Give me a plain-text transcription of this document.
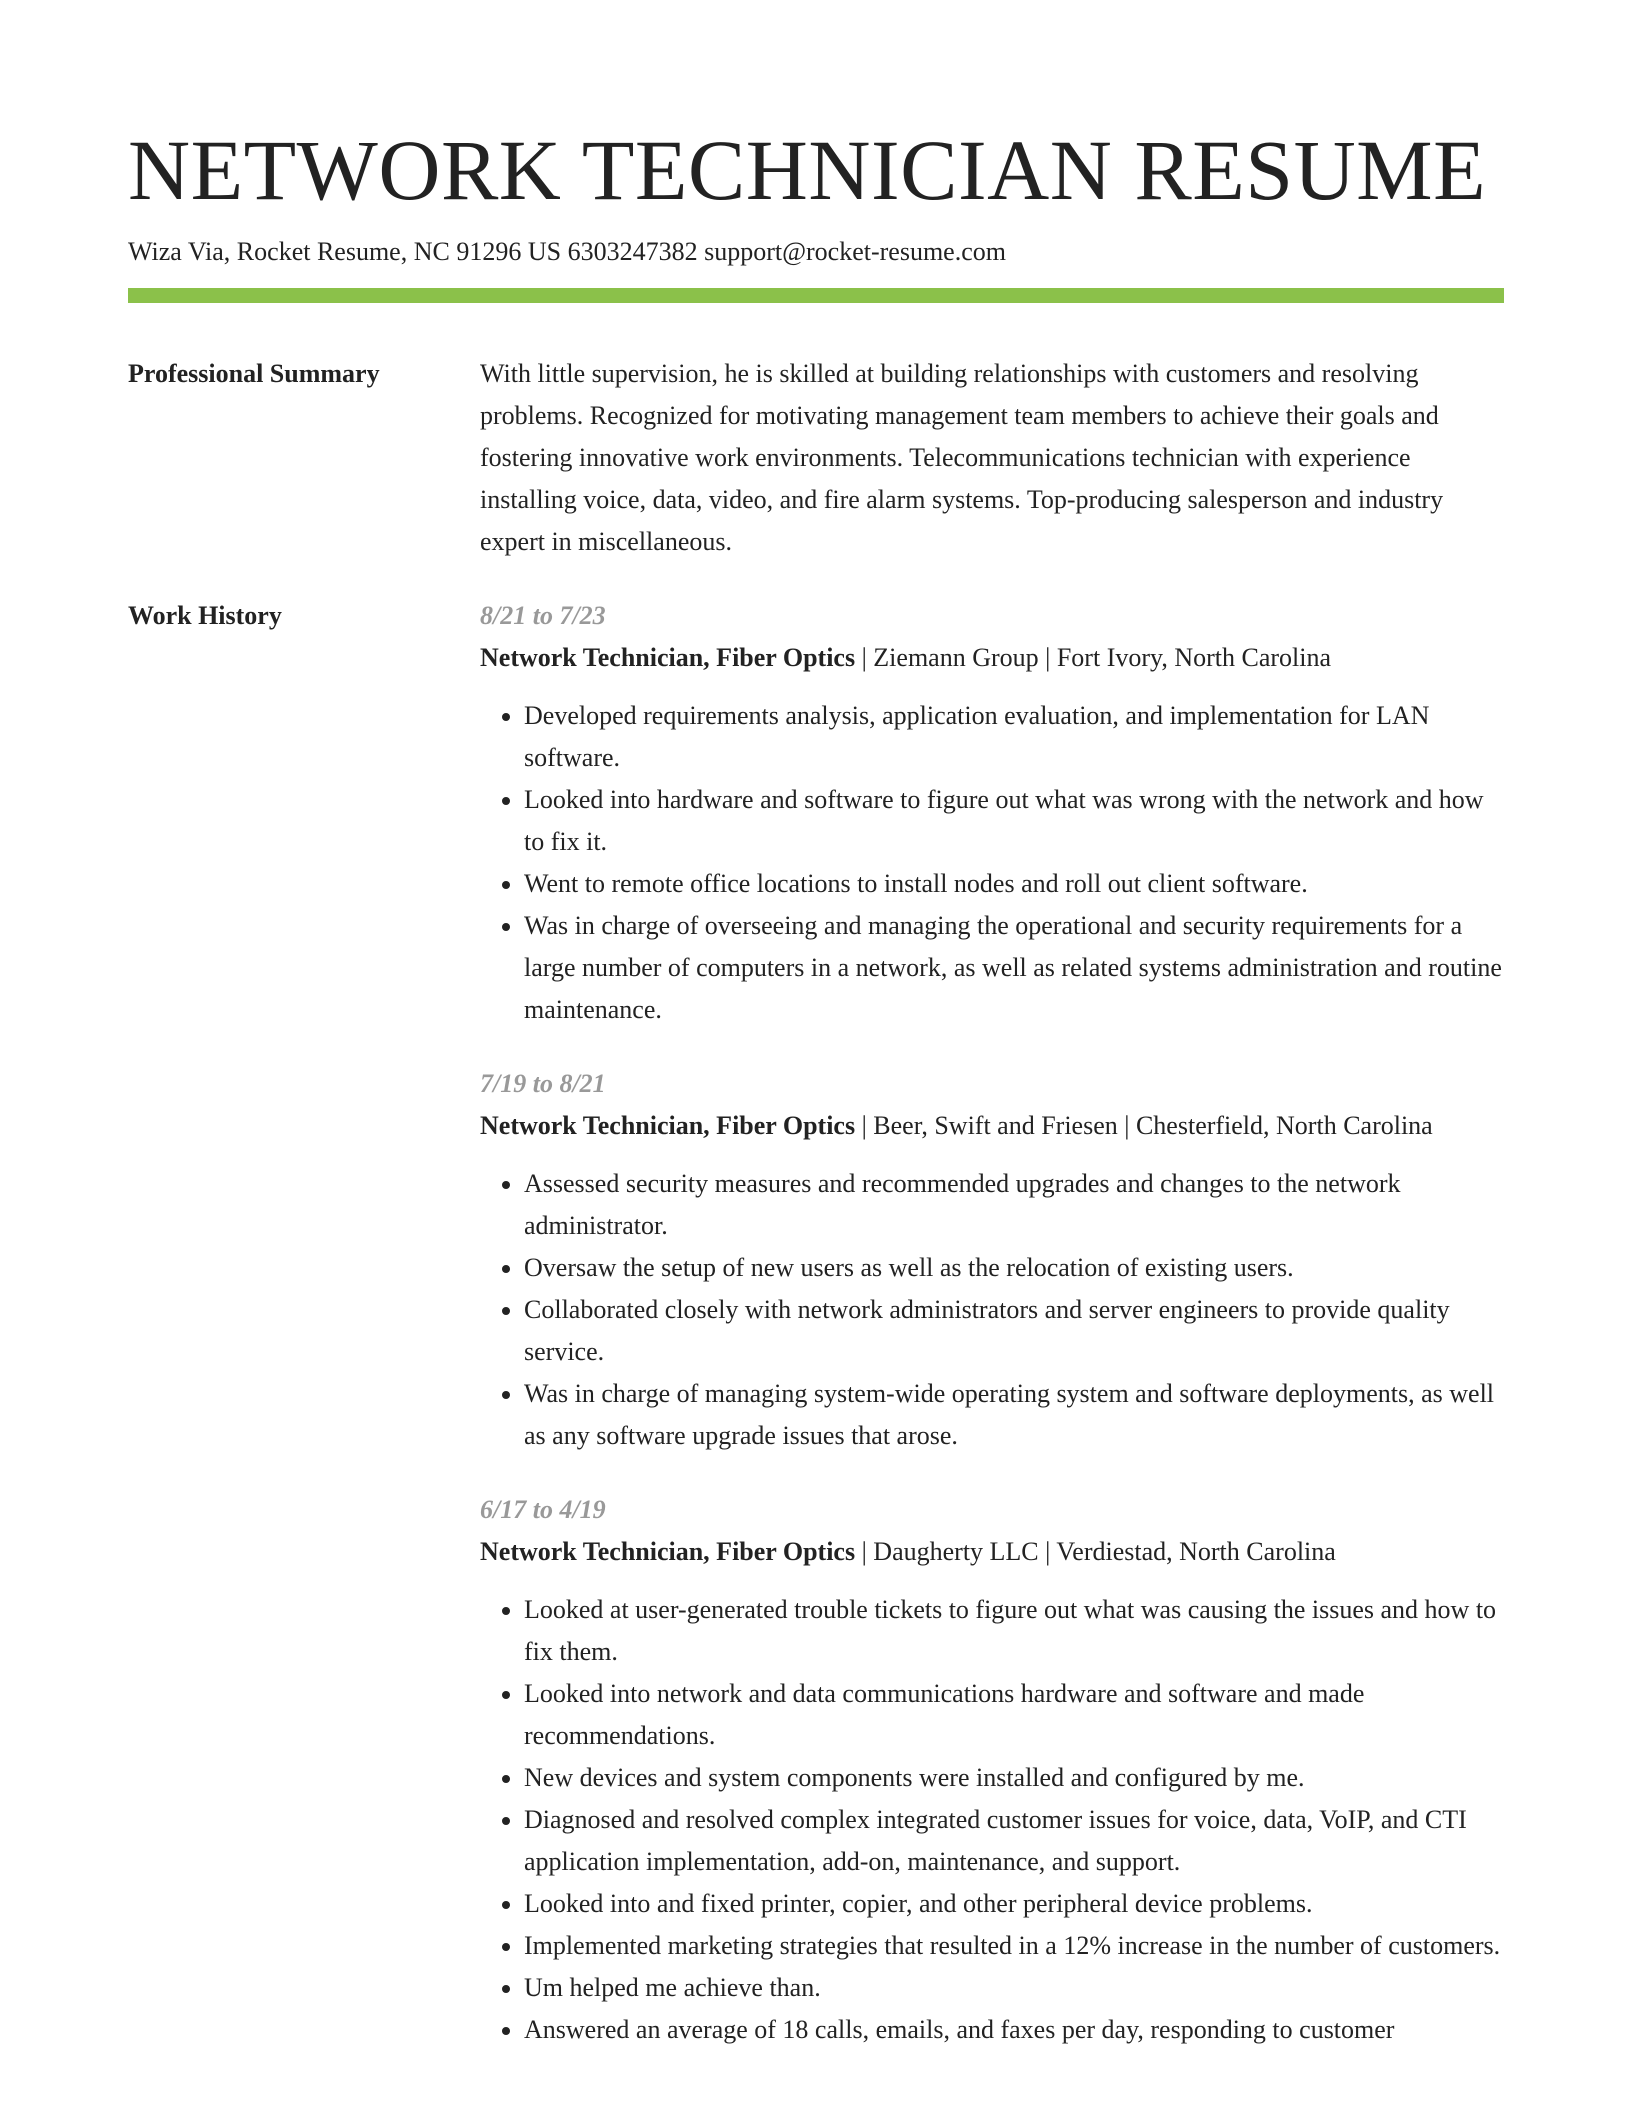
NETWORK TECHNICIAN RESUME
Wiza Via, Rocket Resume, NC 91296 US 6303247382 support@rocket-resume.com
Professional Summary	With little supervision, he is skilled at building relationships with customers and resolving problems. Recognized for motivating management team members to achieve their goals and fostering innovative work environments. Telecommunications technician with experience installing voice, data, video, and fire alarm systems. Top-producing salesperson and industry expert in miscellaneous.
Work History	8/21 to 7/23
Network Technician, Fiber Optics | Ziemann Group | Fort Ivory, North Carolina
• Developed requirements analysis, application evaluation, and implementation for LAN software.
• Looked into hardware and software to figure out what was wrong with the network and how to fix it.
• Went to remote office locations to install nodes and roll out client software.
• Was in charge of overseeing and managing the operational and security requirements for a large number of computers in a network, as well as related systems administration and routine maintenance.
7/19 to 8/21
Network Technician, Fiber Optics | Beer, Swift and Friesen | Chesterfield, North Carolina
• Assessed security measures and recommended upgrades and changes to the network administrator.
• Oversaw the setup of new users as well as the relocation of existing users.
• Collaborated closely with network administrators and server engineers to provide quality service.
• Was in charge of managing system-wide operating system and software deployments, as well as any software upgrade issues that arose.
6/17 to 4/19
Network Technician, Fiber Optics | Daugherty LLC | Verdiestad, North Carolina
• Looked at user-generated trouble tickets to figure out what was causing the issues and how to fix them.
• Looked into network and data communications hardware and software and made recommendations.
• New devices and system components were installed and configured by me.
• Diagnosed and resolved complex integrated customer issues for voice, data, VoIP, and CTI application implementation, add-on, maintenance, and support.
• Looked into and fixed printer, copier, and other peripheral device problems.
• Implemented marketing strategies that resulted in a 12% increase in the number of customers.
• Um helped me achieve than.
• Answered an average of 18 calls, emails, and faxes per day, responding to customer
